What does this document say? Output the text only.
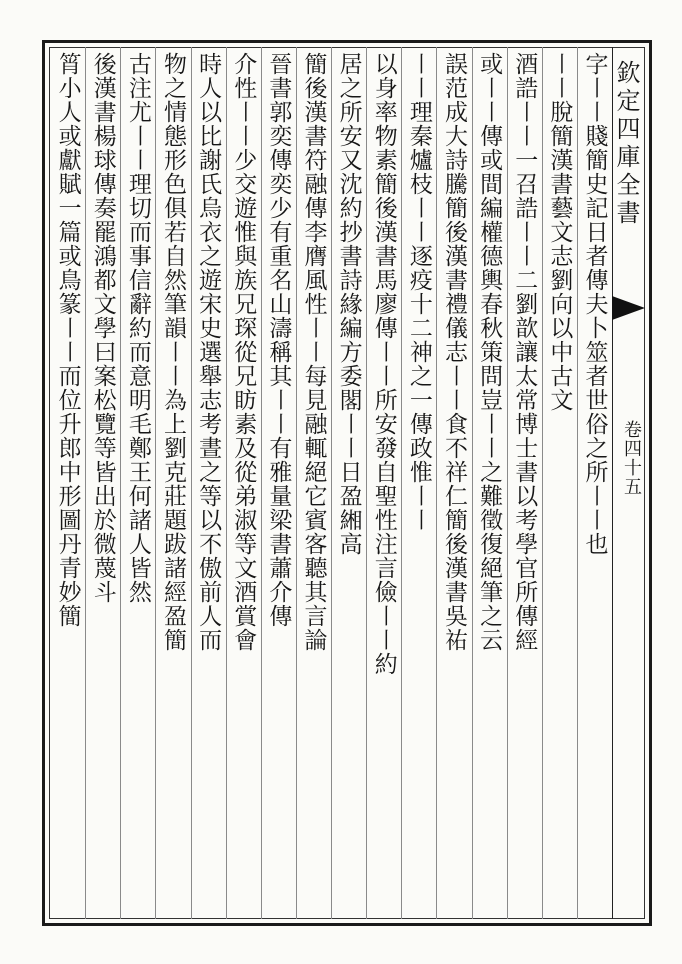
欽定四庫全書
卷四十五
字〡〡賤簡史記日者傳夫卜筮者世俗之所〡〡也
〡〡脫簡漢書藝文志劉向以中古文
酒誥〡〡一召誥〡〡二劉歆讓太常博士書以考學官所傳經
或〡〡傳或間編權德輿春秋策問豈〡〡之難徵復絕筆之云
誤范成大詩騰簡後漢書禮儀志〡〡食不祥仁簡後漢書吳祐
〡〡理秦爐枝〡〡逐疫十二神之一傳政惟〡〡
以身率物素簡後漢書馬廖傳〡〡所安發自聖性注言儉〡〡約
居之所安又沈約抄書詩緣編方委閣〡〡日盈緗高
簡後漢書符融傳李膺風性〡〡每見融輒絕它賓客聽其言論
晉書郭奕傳奕少有重名山濤稱其〡〡有雅量梁書蕭介傳
介性〡〡少交遊惟與族兄琛從兄眆素及從弟淑等文酒賞會
時人以比謝氏烏衣之遊宋史選舉志考晝之等以不傲前人而
物之情態形色俱若自然筆韻〡〡為上劉克莊題跋諸經盈簡
古注尤〡〡理切而事信辭約而意明毛鄭王何諸人皆然
後漢書楊球傳奏罷鴻都文學曰案松覽等皆出於微蔑斗
筲小人或獻賦一篇或鳥篆〡〡而位升郎中形圖丹青妙簡
